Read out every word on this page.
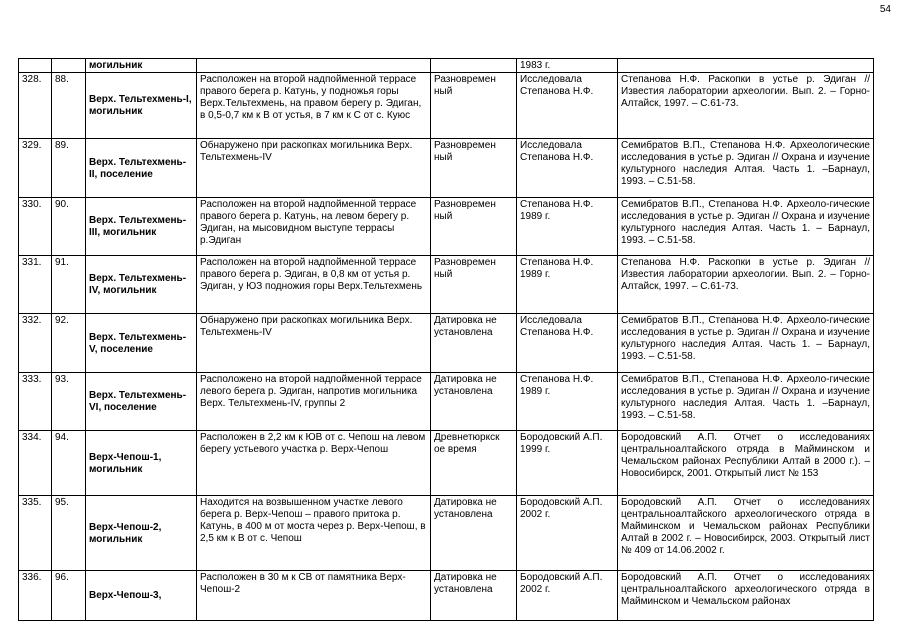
54
		могильник			1983 г.	
328.	88.	Верх. Тельтехмень-I, могильник	Расположен на второй надпойменной террасе правого берега р. Катунь, у подножья горы Верх.Тельтехмень, на правом берегу р. Эдиган, в 0,5-0,7 км к В от устья, в 7 км к С от с. Куюс	Разновремен ный	Исследовала Степанова Н.Ф.	Степанова Н.Ф. Раскопки в устье р. Эдиган // Известия лаборатории археологии. Вып. 2. – Горно-Алтайск, 1997. – С.61-73.
329.	89.	Верх. Тельтехмень-II, поселение	Обнаружено при раскопках могильника Верх. Тельтехмень-IV	Разновремен ный	Исследовала Степанова Н.Ф.	Семибратов В.П., Степанова Н.Ф. Археологические исследования в устье р. Эдиган // Охрана и изучение культурного наследия Алтая. Часть 1. –Барнаул, 1993. – С.51-58.
330.	90.	Верх. Тельтехмень-III, могильник	Расположен на второй надпойменной террасе правого берега р. Катунь, на левом берегу р. Эдиган, на мысовидном выступе террасы р.Эдиган	Разновремен ный	Степанова Н.Ф. 1989 г.	Семибратов В.П., Степанова Н.Ф. Археоло-гические исследования в устье р. Эдиган // Охрана и изучение культурного наследия Алтая. Часть 1. – Барнаул, 1993. – С.51-58.
331.	91.	Верх. Тельтехмень-IV, могильник	Расположен на второй надпойменной террасе правого берега р. Эдиган, в 0,8 км от устья р. Эдиган, у ЮЗ подножия горы Верх.Тельтехмень	Разновремен ный	Степанова Н.Ф. 1989 г.	Степанова Н.Ф. Раскопки в устье р. Эдиган // Известия лаборатории археологии. Вып. 2. – Горно-Алтайск, 1997. – С.61-73.
332.	92.	Верх. Тельтехмень-V, поселение	Обнаружено при раскопках могильника Верх. Тельтехмень-IV	Датировка не установлена	Исследовала Степанова Н.Ф.	Семибратов В.П., Степанова Н.Ф. Археоло-гические исследования в устье р. Эдиган // Охрана и изучение культурного наследия Алтая. Часть 1. – Барнаул, 1993. – С.51-58.
333.	93.	Верх. Тельтехмень-VI, поселение	Расположено на второй надпойменной террасе левого берега р. Эдиган, напротив могильника Верх. Тельтехмень-IV, группы 2	Датировка не установлена	Степанова Н.Ф. 1989 г.	Семибратов В.П., Степанова Н.Ф. Археоло-гические исследования в устье р. Эдиган // Охрана и изучение культурного наследия Алтая. Часть 1. –Барнаул, 1993. – С.51-58.
334.	94.	Верх-Чепош-1, могильник	Расположен в 2,2 км к ЮВ от с. Чепош на левом берегу устьевого участка р. Верх-Чепош	Древнетюркск ое время	Бородовский А.П. 1999 г.	Бородовский А.П. Отчет о исследованиях центральноалтайского отряда в Майминском и Чемальском районах Республики Алтай в 2000 г.). – Новосибирск, 2001. Открытый лист № 153
335.	95.	Верх-Чепош-2, могильник	Находится на возвышенном участке левого берега р. Верх-Чепош – правого притока р. Катунь, в 400 м от моста через р. Верх-Чепош, в 2,5 км к В от с. Чепош	Датировка не установлена	Бородовский А.П. 2002 г.	Бородовский А.П. Отчет о исследованиях центральноалтайского археологического отряда в Майминском и Чемальском районах Республики Алтай в 2002 г. – Новосибирск, 2003. Открытый лист № 409 от 14.06.2002 г.
336.	96.	Верх-Чепош-3,	Расположен в 30 м к СВ от памятника Верх-Чепош-2	Датировка не установлена	Бородовский А.П. 2002 г.	Бородовский А.П. Отчет о исследованиях центральноалтайского археологического отряда в Майминском и Чемальском районах
